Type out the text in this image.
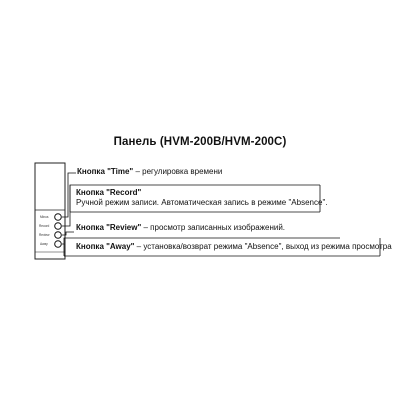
Панель (HVM-200B/HVM-200C)
Minus
Record
Review
Away
Кнопка "Time" – регулировка времени
Кнопка "Record"
Ручной режим записи. Автоматическая запись в режиме "Absence".
Кнопка "Review" – просмотр записанных изображений.
Кнопка "Away" – установка/возврат режима "Absence", выход из режима просмотра
